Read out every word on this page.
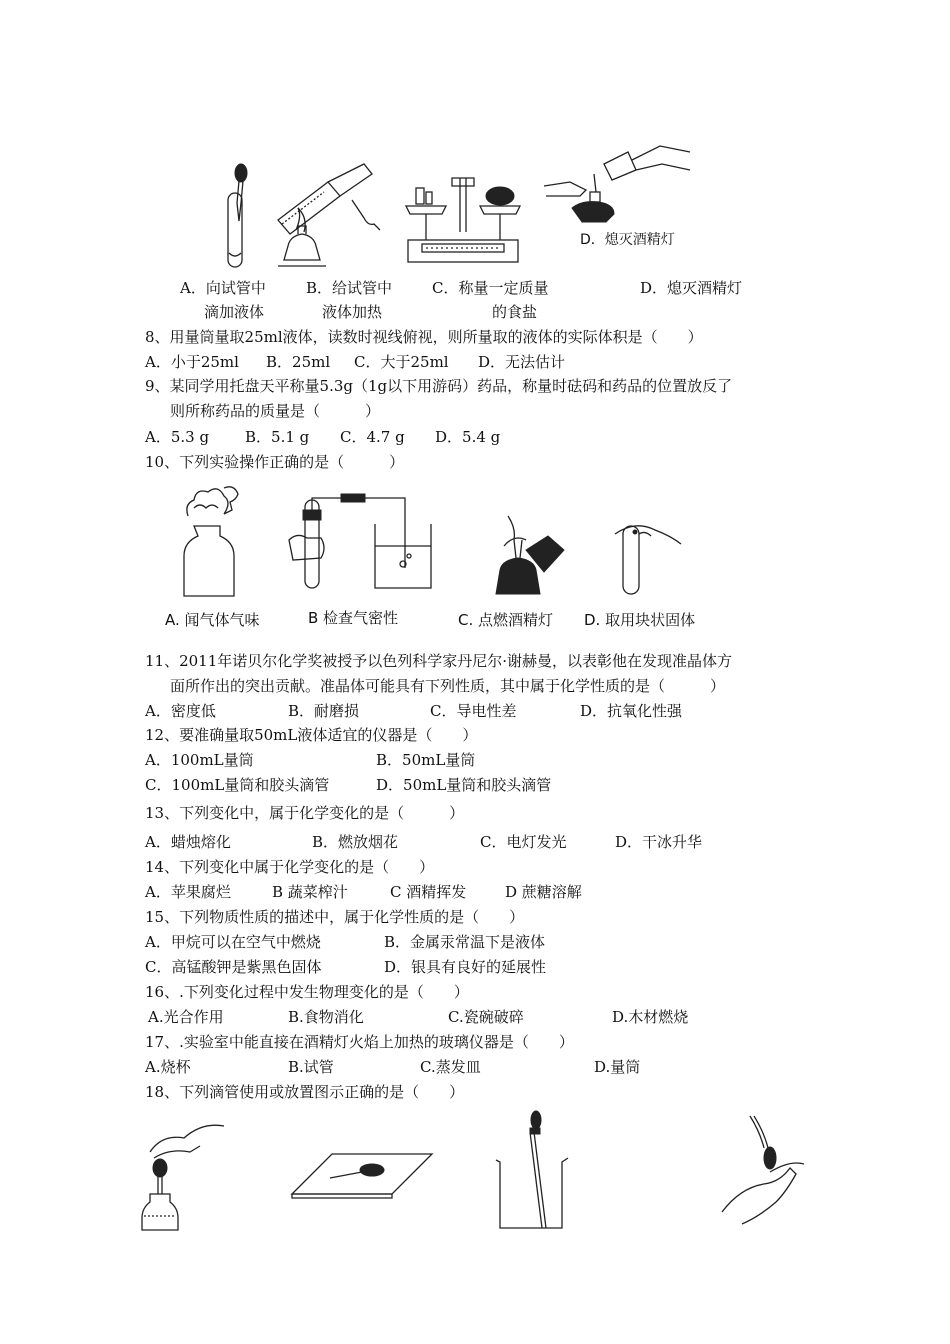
D．熄灭酒精灯
A．向试管中	B．给试管中	C．称量一定质量	D．熄灭酒精灯
滴加液体	液体加热	的食盐
8、用量筒量取25ml液体，读数时视线俯视，则所量取的液体的实际体积是（　　）
A．小于25ml B．25ml C．大于25ml D．无法估计
9、某同学用托盘天平称量5.3g（1g以下用游码）药品，称量时砝码和药品的位置放反了
则所称药品的质量是（　　　）
A．5.3 g B．5.1 g C．4.7 g D．5.4 g
10、下列实验操作正确的是（　　　）
A. 闻气体气味	B 检查气密性	C. 点燃酒精灯 D. 取用块状固体
11、2011年诺贝尔化学奖被授予以色列科学家丹尼尔·谢赫曼，以表彰他在发现准晶体方
面所作出的突出贡献。准晶体可能具有下列性质，其中属于化学性质的是（　　　）
A．密度低	B．耐磨损	C．导电性差	D．抗氧化性强
12、要准确量取50mL液体适宜的仪器是（　　）
A．100mL量筒	B．50mL量筒
C．100mL量筒和胶头滴管	D．50mL量筒和胶头滴管
13、下列变化中，属于化学变化的是（　　　）
A．蜡烛熔化	B．燃放烟花	C．电灯发光	D．干冰升华
14、下列变化中属于化学变化的是（　　）
A．苹果腐烂	B 蔬菜榨汁	C 酒精挥发	D 蔗糖溶解
15、下列物质性质的描述中，属于化学性质的是（　　）
A．甲烷可以在空气中燃烧	B．金属汞常温下是液体
C．高锰酸钾是紫黑色固体	D．银具有良好的延展性
16、.下列变化过程中发生物理变化的是（　　）
A.光合作用	B.食物消化	C.瓷碗破碎	D.木材燃烧
17、.实验室中能直接在酒精灯火焰上加热的玻璃仪器是（　　）
A.烧杯	B.试管	C.蒸发皿	D.量筒
18、下列滴管使用或放置图示正确的是（　　）
